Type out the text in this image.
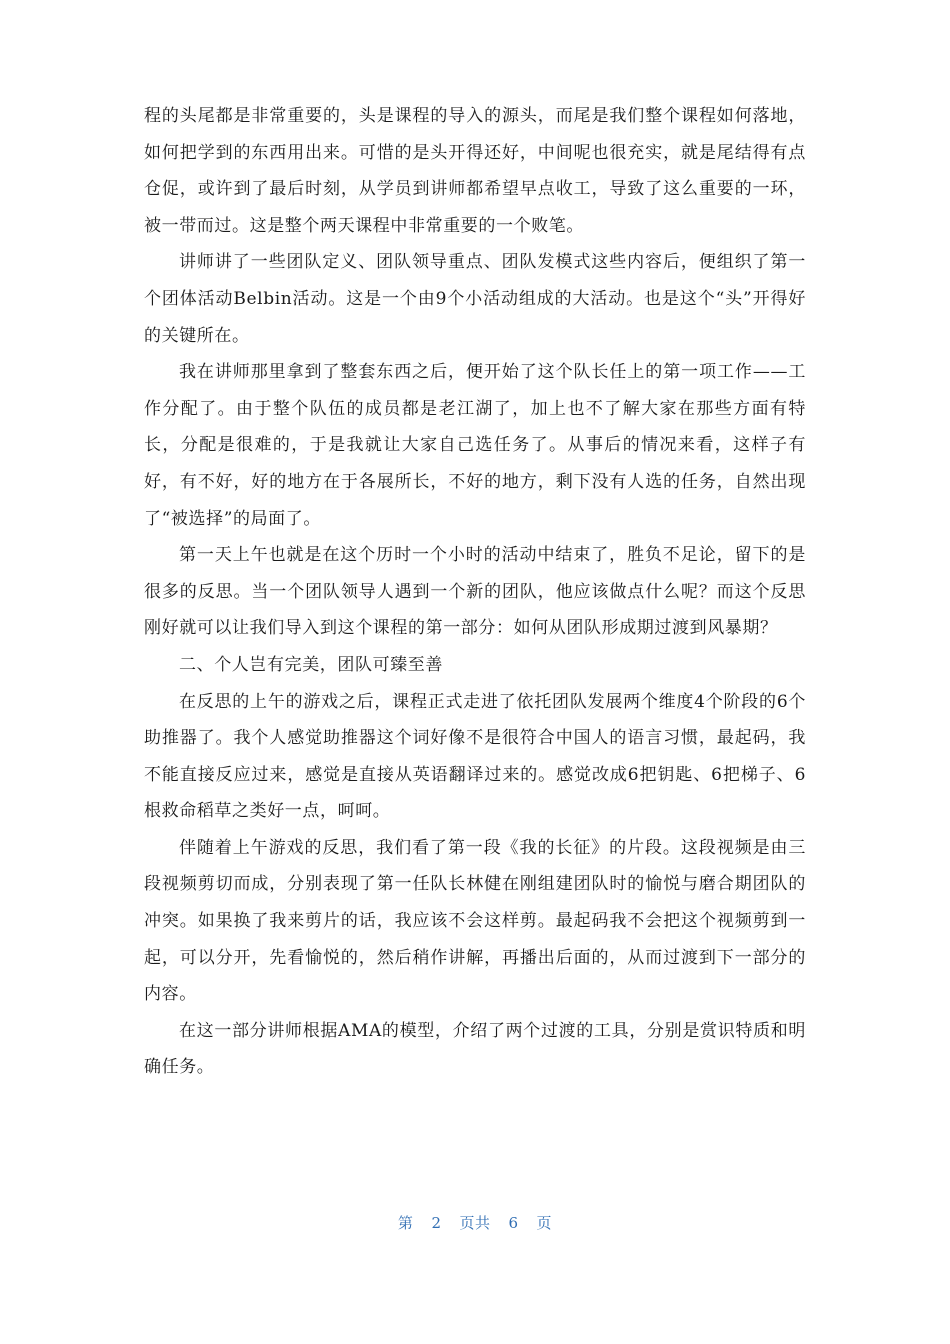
程的头尾都是非常重要的，头是课程的导入的源头，而尾是我们整个课程如何落地，如何把学到的东西用出来。可惜的是头开得还好，中间呢也很充实，就是尾结得有点仓促，或许到了最后时刻，从学员到讲师都希望早点收工，导致了这么重要的一环，被一带而过。这是整个两天课程中非常重要的一个败笔。

讲师讲了一些团队定义、团队领导重点、团队发模式这些内容后，便组织了第一个团体活动Belbin活动。这是一个由9个小活动组成的大活动。也是这个“头”开得好的关键所在。

我在讲师那里拿到了整套东西之后，便开始了这个队长任上的第一项工作——工作分配了。由于整个队伍的成员都是老江湖了，加上也不了解大家在那些方面有特长，分配是很难的，于是我就让大家自己选任务了。从事后的情况来看，这样子有好，有不好，好的地方在于各展所长，不好的地方，剩下没有人选的任务，自然出现了“被选择”的局面了。

第一天上午也就是在这个历时一个小时的活动中结束了，胜负不足论，留下的是很多的反思。当一个团队领导人遇到一个新的团队，他应该做点什么呢？而这个反思刚好就可以让我们导入到这个课程的第一部分：如何从团队形成期过渡到风暴期？

二、个人岂有完美，团队可臻至善

在反思的上午的游戏之后，课程正式走进了依托团队发展两个维度4个阶段的6个助推器了。我个人感觉助推器这个词好像不是很符合中国人的语言习惯，最起码，我不能直接反应过来，感觉是直接从英语翻译过来的。感觉改成6把钥匙、6把梯子、6根救命稻草之类好一点，呵呵。

伴随着上午游戏的反思，我们看了第一段《我的长征》的片段。这段视频是由三段视频剪切而成，分别表现了第一任队长林健在刚组建团队时的愉悦与磨合期团队的冲突。如果换了我来剪片的话，我应该不会这样剪。最起码我不会把这个视频剪到一起，可以分开，先看愉悦的，然后稍作讲解，再播出后面的，从而过渡到下一部分的内容。

在这一部分讲师根据AMA的模型，介绍了两个过渡的工具，分别是赏识特质和明确任务。

第 2 页共 6 页
